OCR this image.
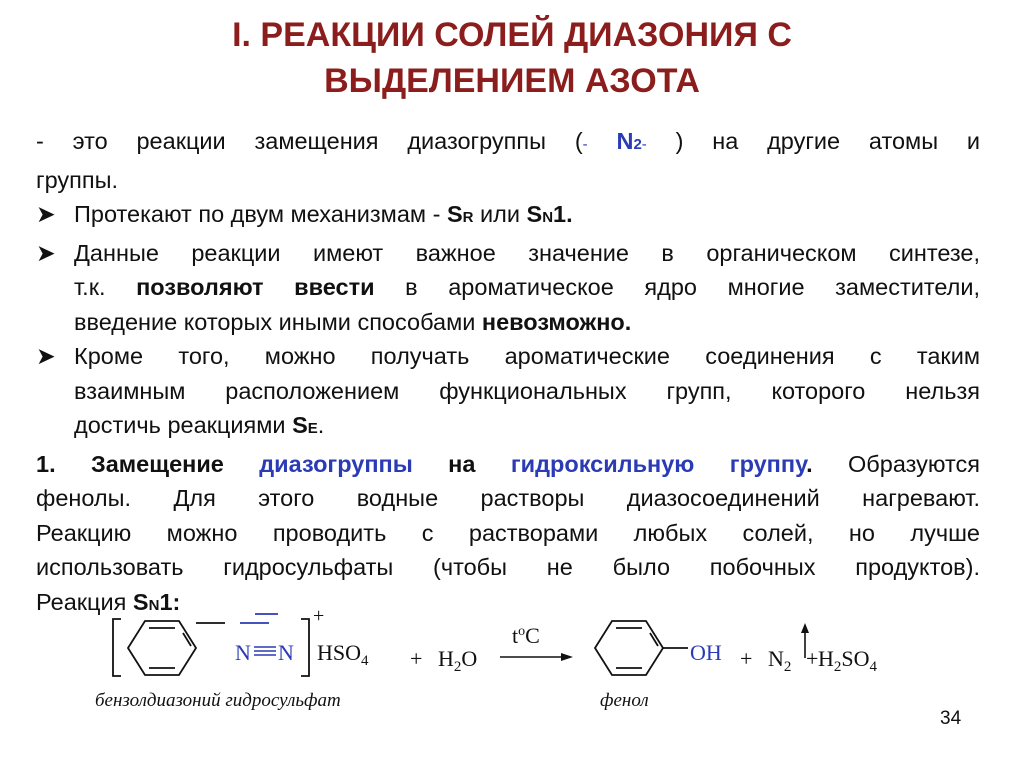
I. РЕАКЦИИ СОЛЕЙ ДИАЗОНИЯ С
ВЫДЕЛЕНИЕМ АЗОТА

- это реакции замещения диазогруппы (- N2- ) на другие атомы и

группы.

➤ Протекают по двум механизмам - SR или SN1.
➤ Данные реакции имеют важное значение в органическом синтезе,
т.к. позволяют ввести в ароматическое ядро многие заместители,
введение которых иными способами невозможно.
➤ Кроме того, можно получать ароматические соединения с таким
взаимным расположением функциональных групп, которого нельзя
достичь реакциями SE.

1. Замещение диазогруппы на гидроксильную группу. Образуются

фенолы. Для этого водные растворы диазосоединений нагревают.

Реакцию можно проводить с растворами любых солей, но лучше

использовать гидросульфаты (чтобы не было побочных продуктов).

Реакция SN1:

N N
+
$HSO_4 + H_2O$
$t^oC$
OH + $N_2 + H_2SO_4$
бензолдиазоний гидросульфат	фенол
34
